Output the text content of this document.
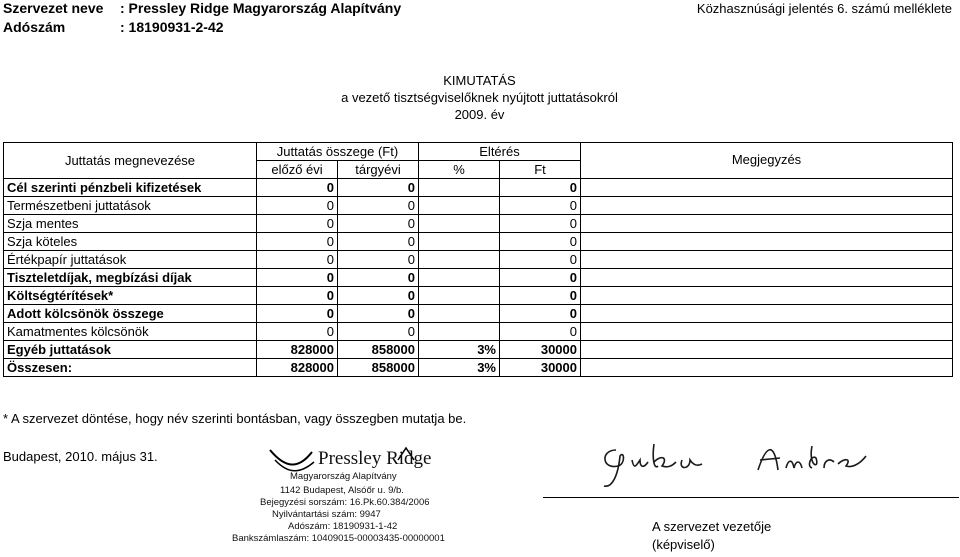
Szervezet neve : Pressley Ridge Magyarország Alapítvány
Adószám	: 18190931-2-42
Közhasznúsági jelentés 6. számú melléklete
KIMUTATÁS
a vezető tisztségviselőknek nyújtott juttatásokról
2009. év
Juttatás megnevezése	Juttatás összege (Ft)		Eltérés		Megjegyzés
	előző évi	tárgyévi	%	Ft	
Cél szerinti pénzbeli kifizetések	0	0		0	
Természetbeni juttatások	0	0		0	
Szja mentes	0	0		0	
Szja köteles	0	0		0	
Értékpapír juttatások	0	0		0	
Tiszteletdíjak, megbízási díjak	0	0		0	
Költségtérítések*	0	0		0	
Adott kölcsönök összege	0	0		0	
Kamatmentes kölcsönök	0	0		0	
Egyéb juttatások	828000	858000	3%	30000	
Összesen:	828000	858000	3%	30000	
* A szervezet döntése, hogy név szerinti bontásban, vagy összegben mutatja be.
Budapest, 2010. május 31.	Pressley Ridge
Magyarország Alapítvány
1142 Budapest, Alsóőr u. 9/b.
Bejegyzési sorszám: 16.Pk.60.384/2006
Nyilvántartási szám: 9947
Adószám: 18190931-1-42
Bankszámlaszám: 10409015-00003435-00000001
A szervezet vezetője
(képviselő)
